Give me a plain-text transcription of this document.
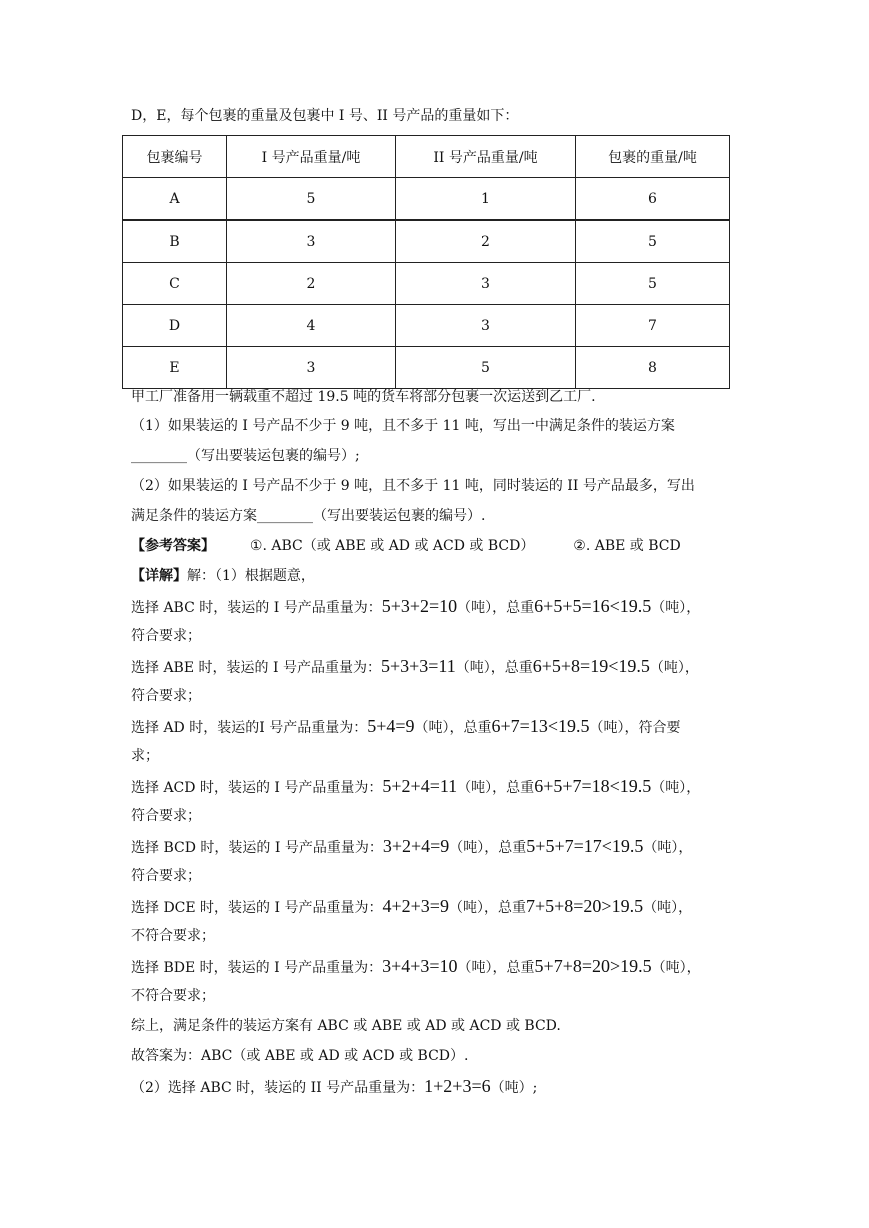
D，E，每个包裹的重量及包裹中 I 号、II 号产品的重量如下：
包裹编号	I 号产品重量/吨	II 号产品重量/吨	包裹的重量/吨
A	5	1	6
B	3	2	5
C	2	3	5
D	4	3	7
E	3	5	8
甲工厂准备用一辆载重不超过 19.5 吨的货车将部分包裹一次运送到乙工厂.
（1）如果装运的 I 号产品不少于 9 吨，且不多于 11 吨，写出一中满足条件的装运方案
________（写出要装运包裹的编号）;
（2）如果装运的 I 号产品不少于 9 吨，且不多于 11 吨，同时装运的 II 号产品最多，写出
满足条件的装运方案________（写出要装运包裹的编号）.
【参考答案】 ①. ABC（或 ABE 或 AD 或 ACD 或 BCD）	②. ABE 或 BCD
【详解】解：（1）根据题意，
选择 ABC 时，装运的 I 号产品重量为：5+3+2=10（吨），总重6+5+5=16<19.5（吨），
符合要求；
选择 ABE 时，装运的 I 号产品重量为：5+3+3=11（吨），总重6+5+8=19<19.5（吨），
符合要求；
选择 AD 时，装运的I 号产品重量为：5+4=9（吨），总重6+7=13<19.5（吨），符合要
求；
选择 ACD 时，装运的 I 号产品重量为：5+2+4=11（吨），总重6+5+7=18<19.5（吨），
符合要求；
选择 BCD 时，装运的 I 号产品重量为：3+2+4=9（吨），总重5+5+7=17<19.5（吨），
符合要求；
选择 DCE 时，装运的 I 号产品重量为：4+2+3=9（吨），总重7+5+8=20>19.5（吨），
不符合要求；
选择 BDE 时，装运的 I 号产品重量为：3+4+3=10（吨），总重5+7+8=20>19.5（吨），
不符合要求；
综上，满足条件的装运方案有 ABC 或 ABE 或 AD 或 ACD 或 BCD.
故答案为：ABC（或 ABE 或 AD 或 ACD 或 BCD）.
（2）选择 ABC 时，装运的 II 号产品重量为：1+2+3=6（吨）;
